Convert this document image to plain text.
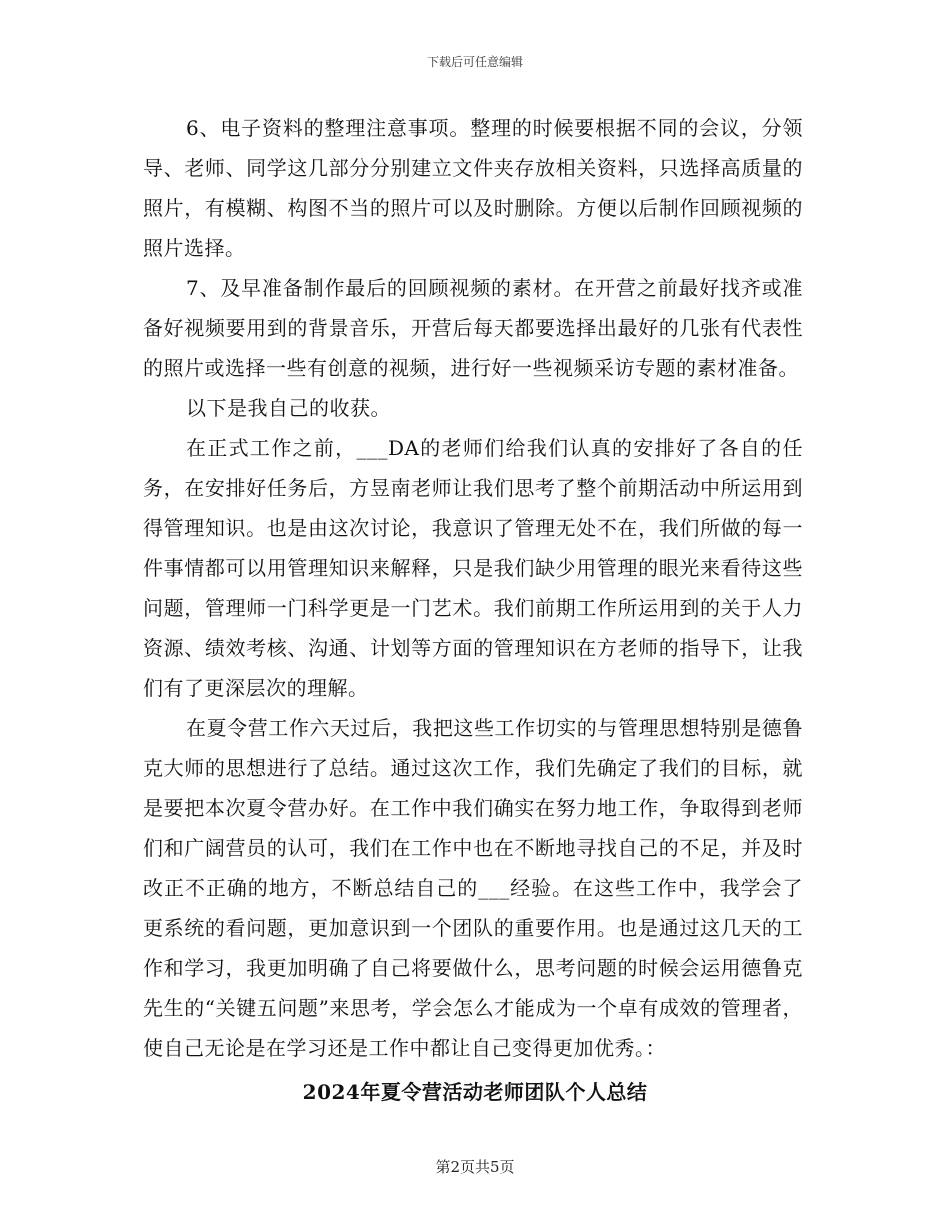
下载后可任意编辑

6、电子资料的整理注意事项。整理的时候要根据不同的会议，分领导、老师、同学这几部分分别建立文件夹存放相关资料，只选择高质量的照片，有模糊、构图不当的照片可以及时删除。方便以后制作回顾视频的照片选择。

7、及早准备制作最后的回顾视频的素材。在开营之前最好找齐或准备好视频要用到的背景音乐，开营后每天都要选择出最好的几张有代表性的照片或选择一些有创意的视频，进行好一些视频采访专题的素材准备。

以下是我自己的收获。

在正式工作之前，___DA的老师们给我们认真的安排好了各自的任务，在安排好任务后，方昱南老师让我们思考了整个前期活动中所运用到得管理知识。也是由这次讨论，我意识了管理无处不在，我们所做的每一件事情都可以用管理知识来解释，只是我们缺少用管理的眼光来看待这些问题，管理师一门科学更是一门艺术。我们前期工作所运用到的关于人力资源、绩效考核、沟通、计划等方面的管理知识在方老师的指导下，让我们有了更深层次的理解。

在夏令营工作六天过后，我把这些工作切实的与管理思想特别是德鲁克大师的思想进行了总结。通过这次工作，我们先确定了我们的目标，就是要把本次夏令营办好。在工作中我们确实在努力地工作，争取得到老师们和广阔营员的认可，我们在工作中也在不断地寻找自己的不足，并及时改正不正确的地方，不断总结自己的___经验。在这些工作中，我学会了更系统的看问题，更加意识到一个团队的重要作用。也是通过这几天的工作和学习，我更加明确了自己将要做什么，思考问题的时候会运用德鲁克先生的“关键五问题”来思考，学会怎么才能成为一个卓有成效的管理者，使自己无论是在学习还是工作中都让自己变得更加优秀。：

2024年夏令营活动老师团队个人总结
第2页共5页
